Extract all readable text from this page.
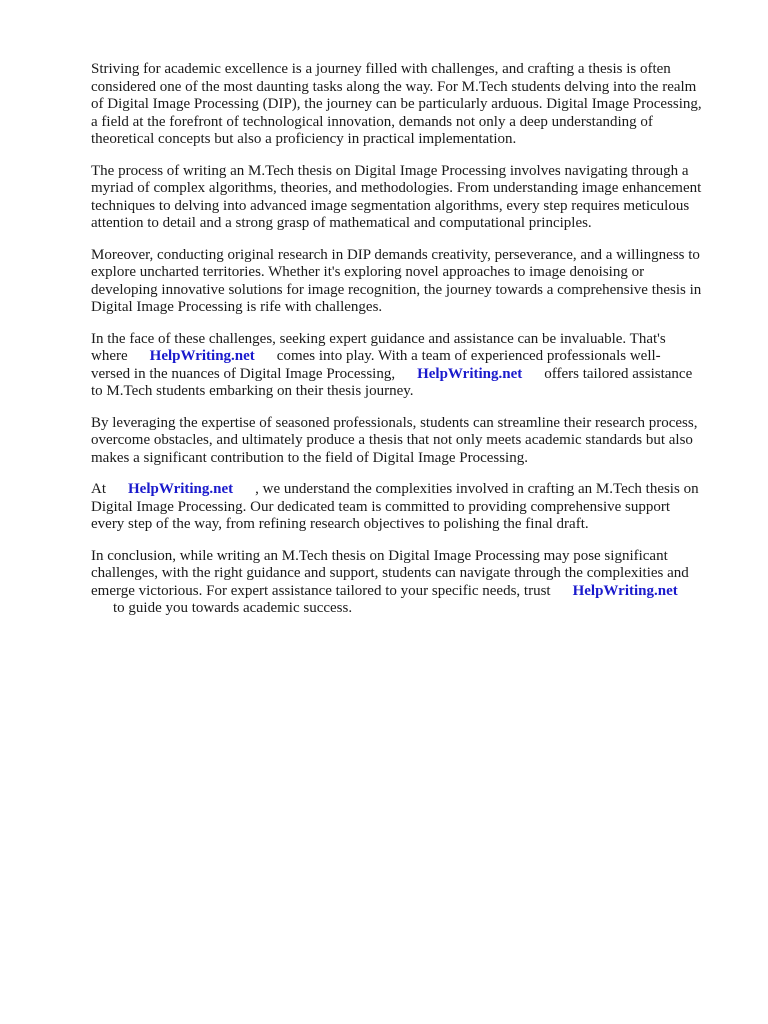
Striving for academic excellence is a journey filled with challenges, and crafting a thesis is often
considered one of the most daunting tasks along the way. For M.Tech students delving into the realm
of Digital Image Processing (DIP), the journey can be particularly arduous. Digital Image Processing,
a field at the forefront of technological innovation, demands not only a deep understanding of
theoretical concepts but also a proficiency in practical implementation.
The process of writing an M.Tech thesis on Digital Image Processing involves navigating through a
myriad of complex algorithms, theories, and methodologies. From understanding image enhancement
techniques to delving into advanced image segmentation algorithms, every step requires meticulous
attention to detail and a strong grasp of mathematical and computational principles.
Moreover, conducting original research in DIP demands creativity, perseverance, and a willingness to
explore uncharted territories. Whether it's exploring novel approaches to image denoising or
developing innovative solutions for image recognition, the journey towards a comprehensive thesis in
Digital Image Processing is rife with challenges.
In the face of these challenges, seeking expert guidance and assistance can be invaluable. That's
where HelpWriting.net comes into play. With a team of experienced professionals well-
versed in the nuances of Digital Image Processing, HelpWriting.net offers tailored assistance
to M.Tech students embarking on their thesis journey.
By leveraging the expertise of seasoned professionals, students can streamline their research process,
overcome obstacles, and ultimately produce a thesis that not only meets academic standards but also
makes a significant contribution to the field of Digital Image Processing.
At HelpWriting.net , we understand the complexities involved in crafting an M.Tech thesis on
Digital Image Processing. Our dedicated team is committed to providing comprehensive support
every step of the way, from refining research objectives to polishing the final draft.
In conclusion, while writing an M.Tech thesis on Digital Image Processing may pose significant
challenges, with the right guidance and support, students can navigate through the complexities and
emerge victorious. For expert assistance tailored to your specific needs, trust HelpWriting.net
to guide you towards academic success.
